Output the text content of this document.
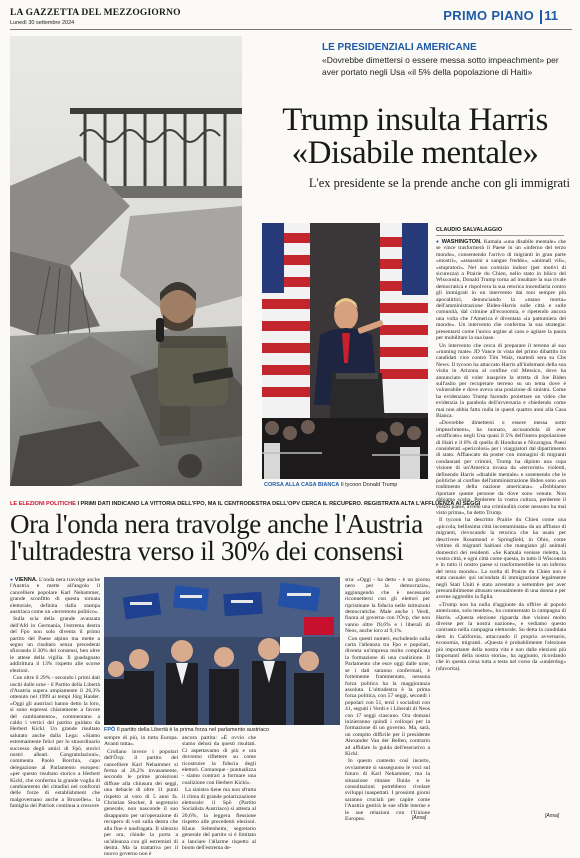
LA GAZZETTA DEL MEZZOGIORNO
Lunedì 30 settembre 2024	PRIMO PIANO 11
LE PRESIDENZIALI AMERICANE
«Dovrebbe dimettersi o essere messa sotto impeachment» per aver portato negli Usa «il 5% della popolazione di Haiti»
Trump insulta Harris
«Disabile mentale»
L'ex presidente se la prende anche con gli immigrati
CORSA ALLA CASA BIANCA Il tycoon Donald Trump
CLAUDIO SALVALAGGIO

● WASHINGTON. Kamala «una disabile mentale» che se vince trasformerà il Paese in un «inferno del terzo mondo», consentendo l'arrivo di migranti in gran parte «mostri», «assassini a sangue freddo», «animali vili», «stupratori». Nel suo comizio indoor (per motivi di sicurezza) a Prairie du Chien, nello stato in bilico del Wisconsin, Donald Trump torna ad insultare la sua rivale democratica e rispolvera la sua retorica incendiaria contro gli immigrati in un intervento dai toni sempre più apocalittici, denunciando la «mano morta» dell'amministrazione Biden-Harris sulle città e sulle comunità, dal crimine all'economia, e ripetendo ancora una volta che l'America è diventata «la pattumiera del mondo». Un intervento che conferma la sua strategia: presentarsi come l'unico argine al caos e agitare la paura per mobilitare la sua base.

Un intervento che cerca di preparare il terreno al suo «running mate» JD Vance in vista del primo dibattito tra candidati vice contro Tim Walz, martedì sera su Cbs News. Il tycoon ha attaccato Harris all'indomani della sua visita in Arizona al confine col Messico, dove ha annunciato di voler inasprire la stretta di Joe Biden sull'asilo per recuperare terreno su un tema dove è vulnerabile e dove aveva una posizione di sinistra. Come ha evidenziato Trump facendo proiettare un video che evidenzia la parabola dell'avversaria e chiedendo come mai non abbia fatto nulla in questi quattro anni alla Casa Bianca.

«Dovrebbe dimettersi o essere messa sotto impeachment», ha tuonato, accusandola di aver «trafficato» negli Usa quasi il 5% dell'intera popolazione di Haiti e il 8% di quella di Honduras e Nicaragua. Paesi considerati «pericolosi» per i viaggiatori dal dipartimento di stato. Affiancato da poster con immagini di migranti condannati per crimini, Trump ha dipinto una cupa visione di un'America invasa da «terroristi» violenti, definendo Harris «disabile mentale» e sostenendo che le politiche al confine dell'amministrazione Biden sono «un tradimento della nazione americana». «Dobbiamo riportare queste persone da dove sono venute. Non abbiamo scelta. Perderete la vostra cultura, perderete il vostro paese, avrete una criminalità come nessuno ha mai visto prima», ha detto Trump.

Il tycoon ha descritto Prairie du Chien come una «piccola, bellissima città incontaminata» da un afflusso di migranti, rievocando la retorica che ha usato per descrivere Rosamond e Springfield, in Ohio, come vittime di migranti haitiani che mangiano gli animali domestici dei residenti. «Se Kamala venisse rieletta, la vostra città, e ogni città come questa, in tutto il Wisconsin e in tutto il nostro paese si trasformerebbe in un inferno del terzo mondo». La scelta di Prairie du Chien non è stata casuale: qui un'ondata di immigrazione legalmente negli Stati Uniti è stato arrestato a settembre per aver presumibilmente abusato sessualmente di una donna e per averne aggredito la figlia.

«Trump non ha nulla d'aggiunte da offrire al popolo americano, solo tenebre», ha commentato la campagna di Harris. «Questa elezione riguarda due visioni molto diverse per la nostra nazione», e vediamo questo contrasto nella campagna elettorale. Su detta la candidata dem in California, attaccando il proprio avversario, economia, migranti. «Questa è probabilmente l'elezione più importante della nostra vita e non dalle elezioni più importanti della nostra storia», ha aggiunto, ricordando che in questa corsa tutta a testa nel corso da «underdog» (sfavorita).

[Ansa]
LE ELEZIONI POLITICHE I PRIMI DATI INDICANO LA VITTORIA DELL'FPO, MA IL CENTRODESTRA DELL'OPV CERCA IL RECUPERO. REGISTRATA ALTA L'AFFLUENZA AI SEGGI
Ora l'onda nera travolge anche l'Austria
l'ultradestra verso il 30% dei consensi

● VIENNA. L'onda nera travolge anche l'Austria e mette all'angolo il cancelliere popolare Karl Nehammer, grande sconfitto di questa tornata elettorale, definita dalla stampa austriaca come un «terremoto politico».

Sulla scia della grande avanzata dell'Afd in Germania, l'estrema destra del Fpo non solo diventa il primo partito del Paese alpino ma mette a segno un risultato senza precedenti sfiorando il 30% dei consensi, ben oltre le attese della vigilia. Il guadagnato addirittura il 13% rispetto alle scorse elezioni.

Con oltre il 29% - secondo i primi dati usciti dalle urne - il Partito della Libertà d'Austria supera ampiamente il 26,3% ottenuto nel 1999 ai tempi Jörg Haider. «Oggi gli austriaci hanno detto la loro, si sono espressi chiaramente a favore del cambiamento», commentano a caldo i vertici del partito guidato da Herbert Kickl. Un grande risultato salutato anche dalla Lega: «Siamo estremamente felici per lo straordinario successo degli amici di Fpö, storici nostri alleati. Congratulazioni», commenta Paolo Borchia, capo delegazione al Parlamento europeo: «per questo risultato storico a Herbert Kickl, che conferma la grande voglia di cambiamento dei cittadini nel confronti delle forze di establishment che malgovernano anche a Bruxelles». la famiglia dei Patrioti continua a crescere

FPÖ Il partito della Libertà è la prima forza nel parlamento austriaco

sempre di più, in tutta Europa. Avanti tutta».

Crollano invece i popolari dell'Övp: il partito del cancelliere Karl Nehammer si ferma al 26,2% invasamente, secondo le prime proiezioni diffuse alla chiusura dei seggi, una debacle di oltre 11 punti rispetto al voto di 5 anni fa. Christian Stocker, il segretario generale, non nasconde il suo disappunto per un'operazione di recupero di voti sulla destra che alla fine è naufragata. Il silenzio per ora, chiude la porta a un'alleanza con gli estremisti di destra. Ma la trattativa per il nuovo governo non è

ancora partita: «È ovvio che siamo delusi da questi risultati. Ci aspettavamo di più e ora dovremo riflettere su come ricostruire la fiducia degli elettori. Comunque - puntualizza - siamo contrari a formare una coalizione con Herbert Kickl».

La sinistra tiene ma non sfrutta il clima di grande polarizzazione elettorale: il Spö (Partito Socialista Austriaco) si attesta al 20,6%, la leggera flessione rispetto alle precedenti elezioni. Klaus Seltenheim, segretario generale del partito si è limitato a lanciare l'allarme rispetto al boom dell'estrema de-

stra: «Oggi - ha detto - è un giorno nero per la democrazia», aggiungendo che è necessario riconnettersi con gli elettori per ripristinare la fiducia nelle istituzioni democratiche. Male anche i Verdi, finora al governo con l'Övp, che non vanno oltre l'8,6% e i liberali di Neos, anche loro al 9,1%.

Con questi numeri, escludendo sulla carta l'alleanza tra Fpo e popolari, diventa un'impresa molto complicata la formazione di una coalizione. Il Parlamento che esce oggi dalle urne, se i dati saranno confermati, è fortemente frammentato, nessuna forza politica ha la maggioranza assoluta. L'ultradestra è la prima forza politica, con 57 seggi, secondi i popolari con 51, terzi i socialisti con 41, seguiti i Verdi e i Liberali di Neos con 17 seggi ciascuno. Ora domani inizieranno quindi i colloqui per la formazione di un governo. Ma, sarà, un compito difficile per il presidente Alexander Van der Bellen, contrario ad affidare la guida dell'esecutivo a Kickl.

In questo contesto così incerto, ovviamente si susseguono le voci sul futuro di Karl Nehammer, ma la situazione rimane fluida e le consultazioni potrebbero rivelare sviluppi inaspettati. I prossimi giorni saranno cruciali per capire come l'Austria gestirà le sue sfide interne e le sue relazioni con l'Unione Europea.	[Ansa]
